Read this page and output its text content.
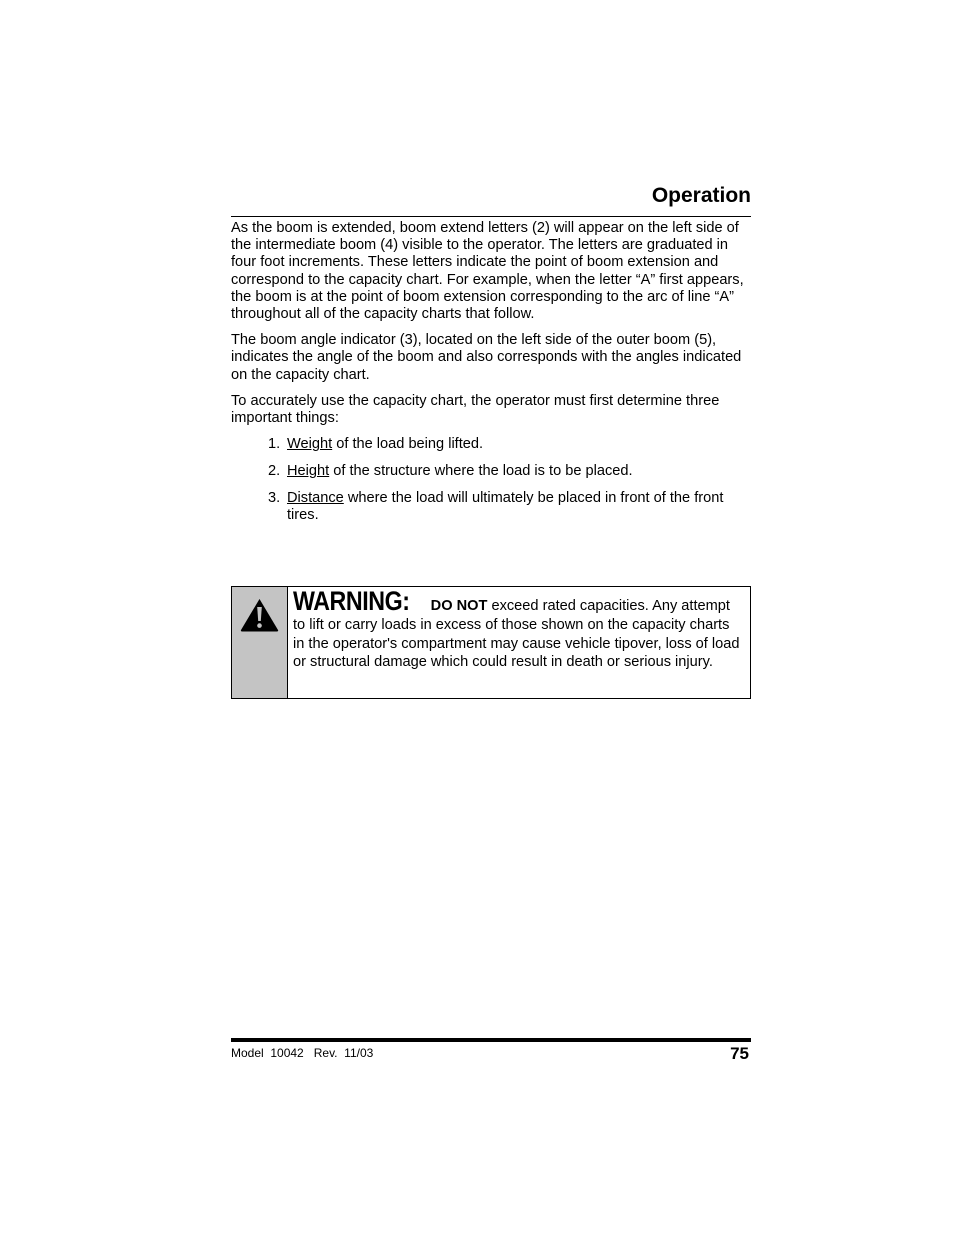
Operation

As the boom is extended, boom extend letters (2) will appear on the left side of the intermediate boom (4) visible to the operator. The letters are graduated in four foot increments. These letters indicate the point of boom extension and correspond to the capacity chart. For example, when the letter “A” first appears, the boom is at the point of boom extension corresponding to the arc of line “A” throughout all of the capacity charts that follow.

The boom angle indicator (3), located on the left side of the outer boom (5), indicates the angle of the boom and also corresponds with the angles indicated on the capacity chart.

To accurately use the capacity chart, the operator must first determine three important things:

1. Weight of the load being lifted.
2. Height of the structure where the load is to be placed.
3. Distance where the load will ultimately be placed in front of the front tires.
WARNING: DO NOT exceed rated capacities. Any attempt to lift or carry loads in excess of those shown on the capacity charts in the operator's compartment may cause vehicle tipover, loss of load or structural damage which could result in death or serious injury.
Model  10042   Rev.  11/03	75
